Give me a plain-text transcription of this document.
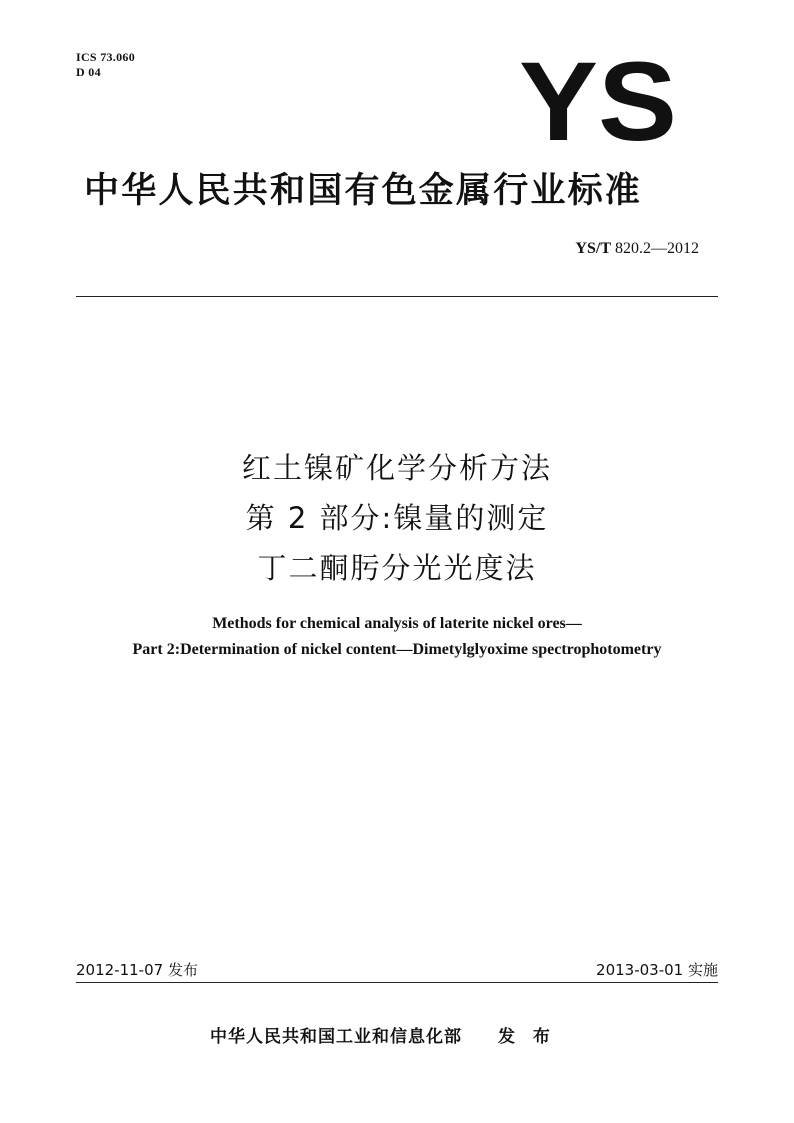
ICS 73.060
D 04	YS
中华人民共和国有色金属行业标准
YS/T 820.2—2012
红土镍矿化学分析方法
第 2 部分:镍量的测定
丁二酮肟分光光度法
Methods for chemical analysis of laterite nickel ores—
Part 2:Determination of nickel content—Dimetylglyoxime spectrophotometry
2012-11-07 发布	2013-03-01 实施
中华人民共和国工业和信息化部 发 布
